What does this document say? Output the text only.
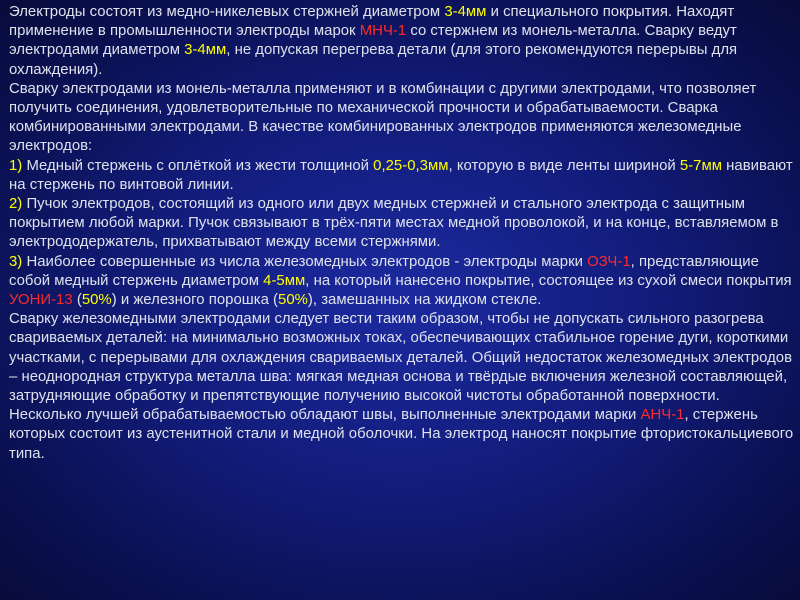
Электроды состоят из медно-никелевых стержней диаметром 3-4мм и специального покрытия. Находят применение в промышленности электроды марок МНЧ-1 со стержнем из монель-металла. Сварку ведут электродами диаметром 3-4мм, не допуская перегрева детали (для этого рекомендуются перерывы для охлаждения).

Сварку электродами из монель-металла применяют и в комбинации с другими электродами, что позволяет получить соединения, удовлетворительные по механической прочности и обрабатываемости. Сварка комбинированными электродами. В качестве комбинированных электродов применяются железомедные электродов:

1) Медный стержень с оплёткой из жести толщиной 0,25-0,3мм, которую в виде ленты шириной 5-7мм навивают на стержень по винтовой линии.

2) Пучок электродов, состоящий из одного или двух медных стержней и стального электрода с защитным покрытием любой марки. Пучок связывают в трёх-пяти местах медной проволокой, и на конце, вставляемом в электрододержатель, прихватывают между всеми стержнями.

3) Наиболее совершенные из числа железомедных электродов - электроды марки ОЗЧ-1, представляющие собой медный стержень диаметром 4-5мм, на который нанесено покрытие, состоящее из сухой смеси покрытия УОНИ-13 (50%) и железного порошка (50%), замешанных на жидком стекле.

Сварку железомедными электродами следует вести таким образом, чтобы не допускать сильного разогрева свариваемых деталей: на минимально возможных токах, обеспечивающих стабильное горение дуги, короткими участками, с перерывами для охлаждения свариваемых деталей. Общий недостаток железомедных электродов – неоднородная структура металла шва: мягкая медная основа и твёрдые включения железной составляющей, затрудняющие обработку и препятствующие получению высокой чистоты обработанной поверхности. Несколько лучшей обрабатываемостью обладают швы, выполненные электродами марки АНЧ-1, стержень которых состоит из аустенитной стали и медной оболочки. На электрод наносят покрытие фтористокальциевого типа.
